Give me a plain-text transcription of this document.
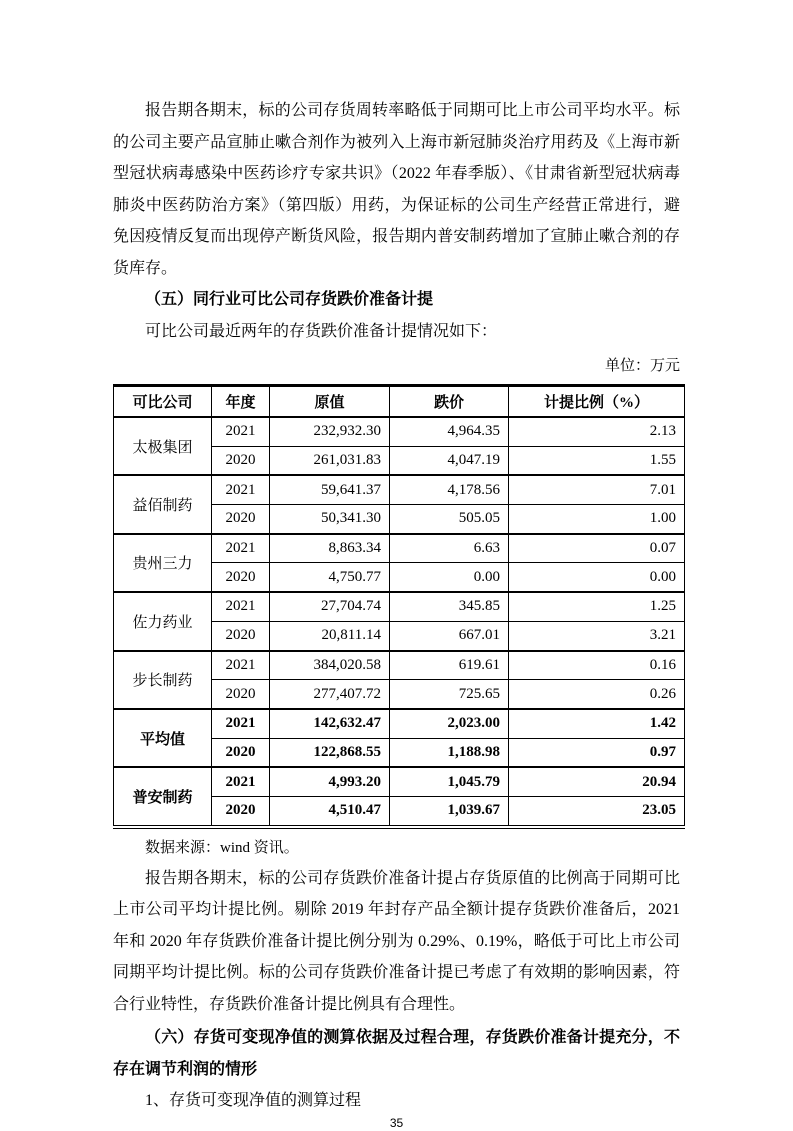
报告期各期末，标的公司存货周转率略低于同期可比上市公司平均水平。标的公司主要产品宣肺止嗽合剂作为被列入上海市新冠肺炎治疗用药及《上海市新型冠状病毒感染中医药诊疗专家共识》（2022 年春季版）、《甘肃省新型冠状病毒肺炎中医药防治方案》（第四版）用药，为保证标的公司生产经营正常进行，避免因疫情反复而出现停产断货风险，报告期内普安制药增加了宣肺止嗽合剂的存货库存。

（五）同行业可比公司存货跌价准备计提

可比公司最近两年的存货跌价准备计提情况如下：

单位：万元

可比公司	年度	原值	跌价	计提比例（%）
太极集团	2021	232,932.30	4,964.35	2.13
	2020	261,031.83	4,047.19	1.55
益佰制药	2021	59,641.37	4,178.56	7.01
	2020	50,341.30	505.05	1.00
贵州三力	2021	8,863.34	6.63	0.07
	2020	4,750.77	0.00	0.00
佐力药业	2021	27,704.74	345.85	1.25
	2020	20,811.14	667.01	3.21
步长制药	2021	384,020.58	619.61	0.16
	2020	277,407.72	725.65	0.26
平均值	2021	142,632.47	2,023.00	1.42
	2020	122,868.55	1,188.98	0.97
普安制药	2021	4,993.20	1,045.79	20.94
	2020	4,510.47	1,039.67	23.05

数据来源：wind 资讯。

报告期各期末，标的公司存货跌价准备计提占存货原值的比例高于同期可比上市公司平均计提比例。剔除 2019 年封存产品全额计提存货跌价准备后，2021 年和 2020 年存货跌价准备计提比例分别为 0.29%、0.19%，略低于可比上市公司同期平均计提比例。标的公司存货跌价准备计提已考虑了有效期的影响因素，符合行业特性，存货跌价准备计提比例具有合理性。

（六）存货可变现净值的测算依据及过程合理，存货跌价准备计提充分，不存在调节利润的情形

1、存货可变现净值的测算过程

35
